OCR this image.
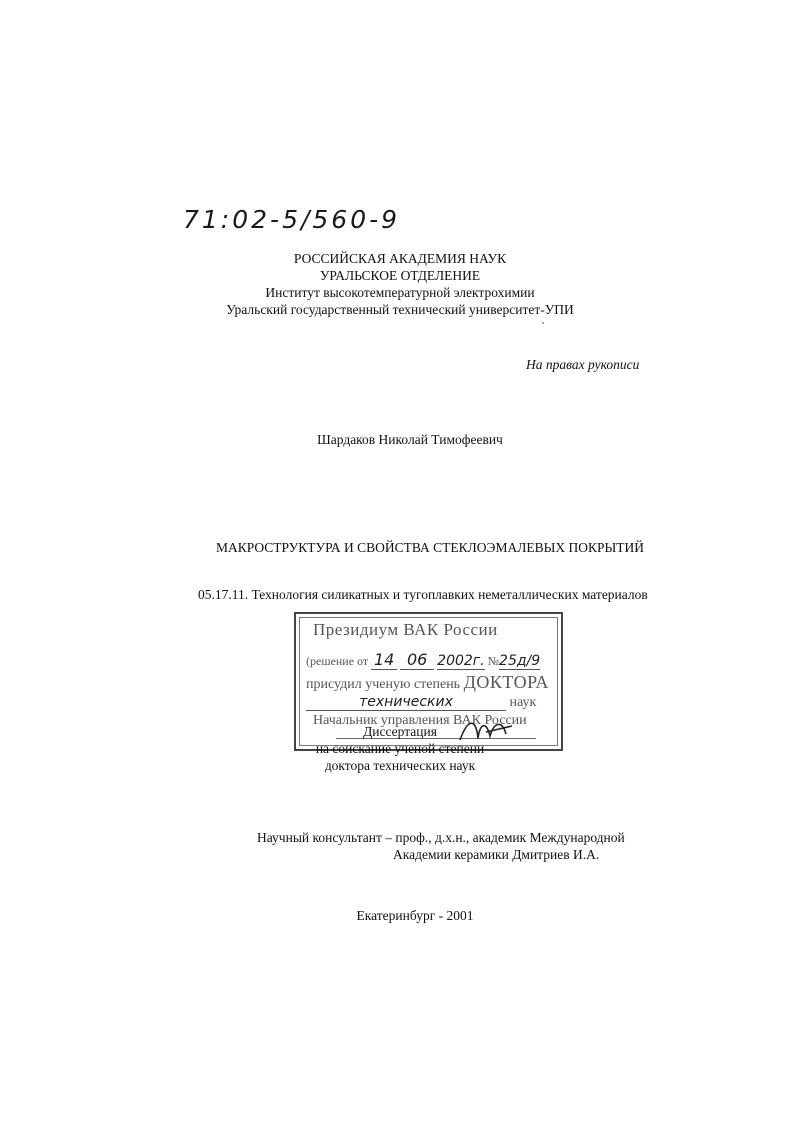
71:02-5/560-9
РОССИЙСКАЯ АКАДЕМИЯ НАУК
УРАЛЬСКОЕ ОТДЕЛЕНИЕ
Институт высокотемпературной электрохимии
Уральский государственный технический университет-УПИ
На правах рукописи
Шардаков Николай Тимофеевич
МАКРОСТРУКТУРА И СВОЙСТВА СТЕКЛОЭМАЛЕВЫХ ПОКРЫТИЙ
05.17.11. Технология силикатных и тугоплавких неметаллических материалов
Президиум ВАК России
(решение от 14 06 2002г. №25д/9
присудил ученую степень ДОКТОРА
технических	наук
Начальник управления ВАК России
Диссертация
на соискание ученой степени
доктора технических наук
Научный консультант – проф., д.х.н., академик Международной
Академии керамики Дмитриев И.А.
Екатеринбург - 2001
